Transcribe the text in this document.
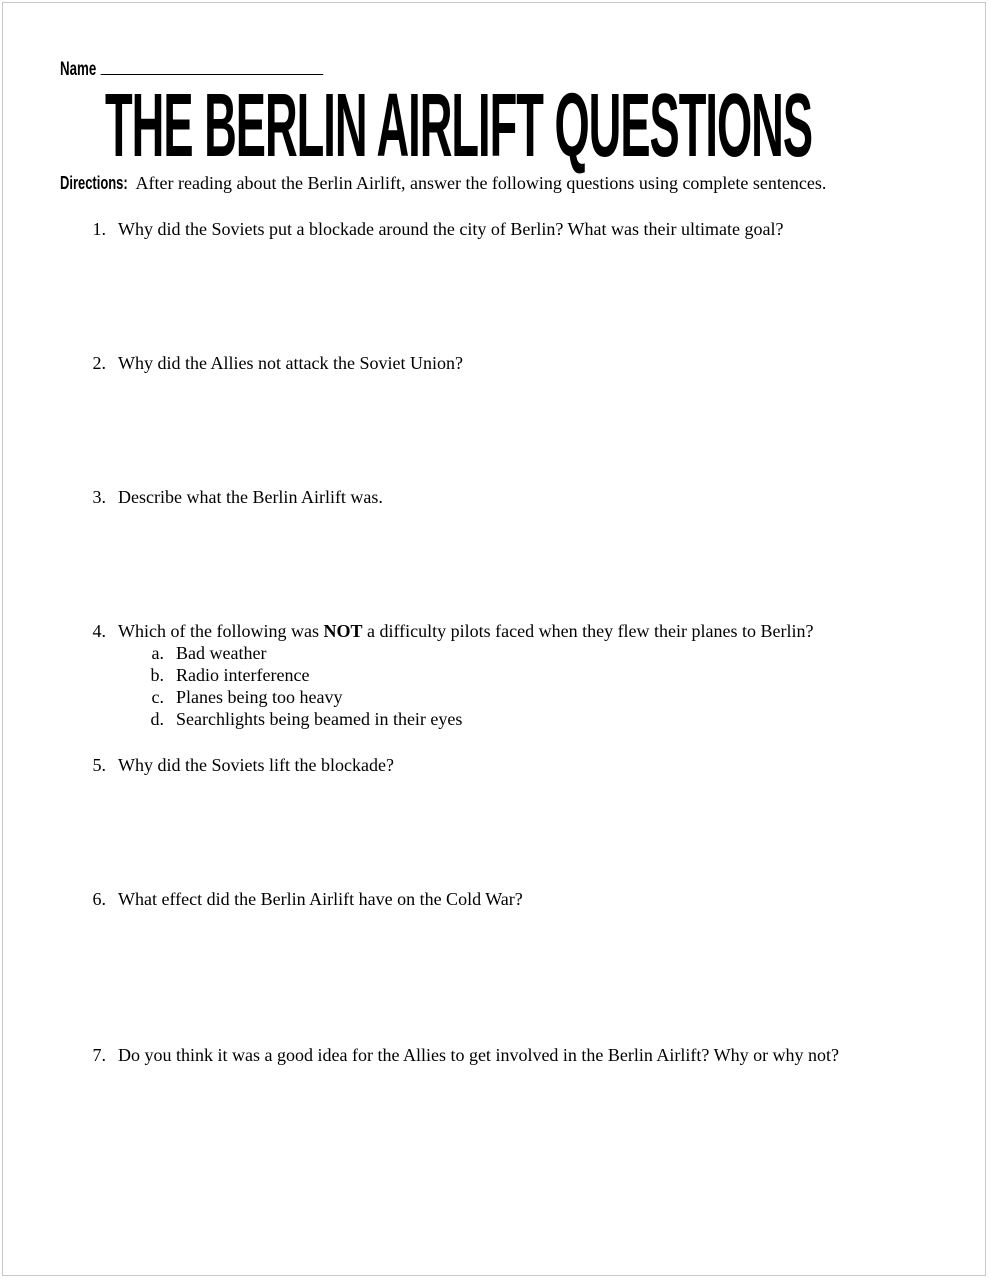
Name
THE BERLIN AIRLIFT QUESTIONS
Directions: After reading about the Berlin Airlift, answer the following questions using complete sentences.
1. Why did the Soviets put a blockade around the city of Berlin? What was their ultimate goal?
2. Why did the Allies not attack the Soviet Union?
3. Describe what the Berlin Airlift was.
4. Which of the following was NOT a difficulty pilots faced when they flew their planes to Berlin?
a. Bad weather
b. Radio interference
c. Planes being too heavy
d. Searchlights being beamed in their eyes
5. Why did the Soviets lift the blockade?
6. What effect did the Berlin Airlift have on the Cold War?
7. Do you think it was a good idea for the Allies to get involved in the Berlin Airlift? Why or why not?
